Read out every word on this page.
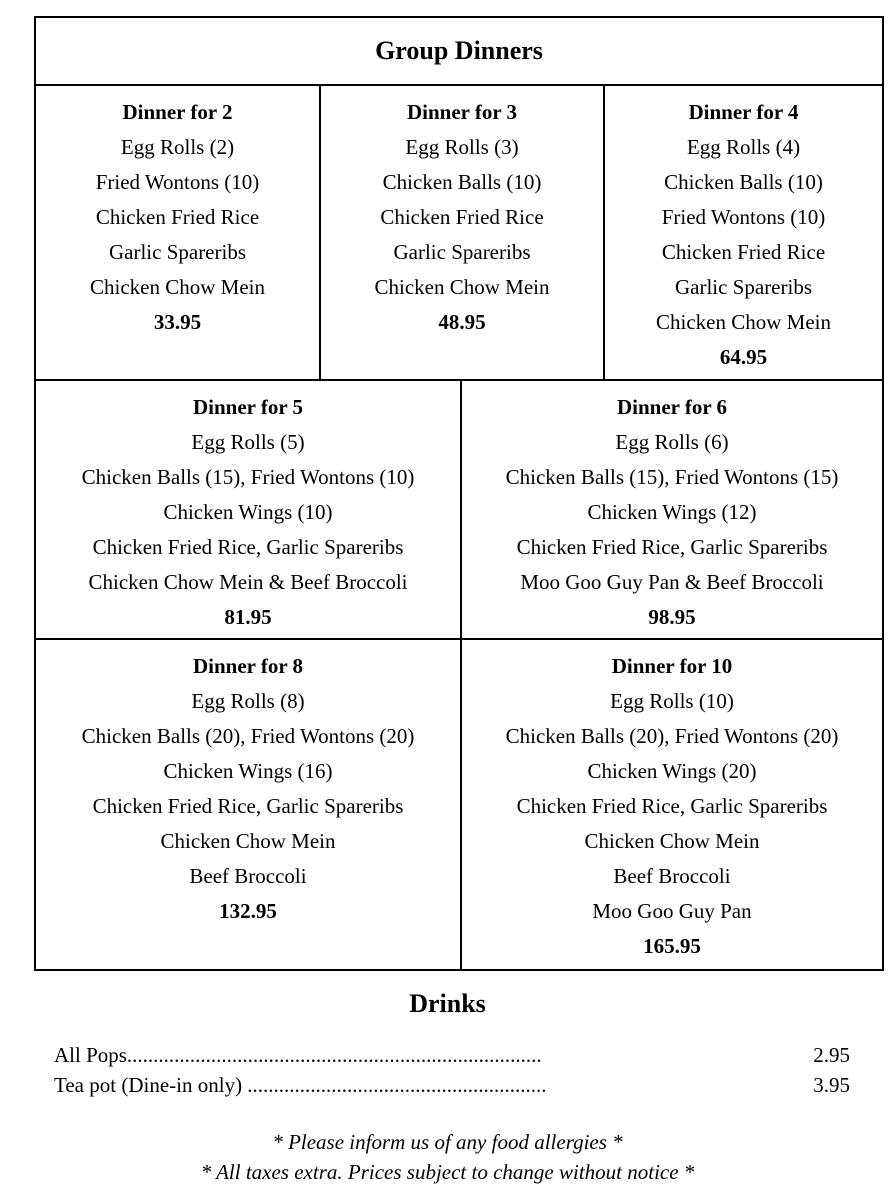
Group Dinners
Dinner for 2
Egg Rolls (2)
Fried Wontons (10)
Chicken Fried Rice
Garlic Spareribs
Chicken Chow Mein
33.95
Dinner for 3
Egg Rolls (3)
Chicken Balls (10)
Chicken Fried Rice
Garlic Spareribs
Chicken Chow Mein
48.95
Dinner for 4
Egg Rolls (4)
Chicken Balls (10)
Fried Wontons (10)
Chicken Fried Rice
Garlic Spareribs
Chicken Chow Mein
64.95
Dinner for 5
Egg Rolls (5)
Chicken Balls (15), Fried Wontons (10)
Chicken Wings (10)
Chicken Fried Rice, Garlic Spareribs
Chicken Chow Mein & Beef Broccoli
81.95
Dinner for 6
Egg Rolls (6)
Chicken Balls (15), Fried Wontons (15)
Chicken Wings (12)
Chicken Fried Rice, Garlic Spareribs
Moo Goo Guy Pan & Beef Broccoli
98.95
Dinner for 8
Egg Rolls (8)
Chicken Balls (20), Fried Wontons (20)
Chicken Wings (16)
Chicken Fried Rice, Garlic Spareribs
Chicken Chow Mein
Beef Broccoli
132.95
Dinner for 10
Egg Rolls (10)
Chicken Balls (20), Fried Wontons (20)
Chicken Wings (20)
Chicken Fried Rice, Garlic Spareribs
Chicken Chow Mein
Beef Broccoli
Moo Goo Guy Pan
165.95
Drinks
All Pops...............................................................................	2.95
Tea pot (Dine-in only) .........................................................	3.95
* Please inform us of any food allergies *
* All taxes extra. Prices subject to change without notice *
